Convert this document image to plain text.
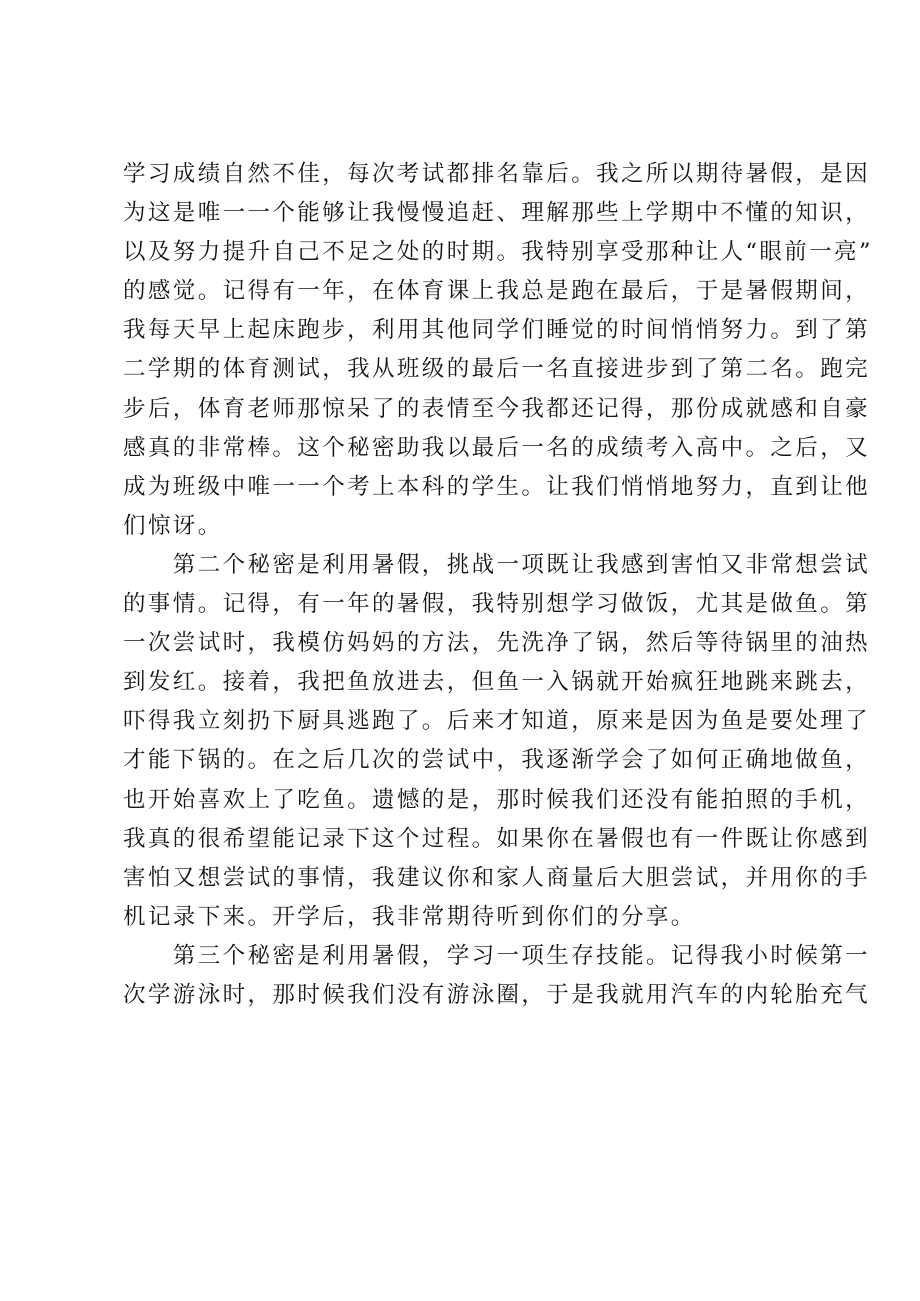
学习成绩自然不佳，每次考试都排名靠后。我之所以期待暑假，是因
为这是唯一一个能够让我慢慢追赶、理解那些上学期中不懂的知识，
以及努力提升自己不足之处的时期。我特别享受那种让人“眼前一亮”
的感觉。记得有一年，在体育课上我总是跑在最后，于是暑假期间，
我每天早上起床跑步，利用其他同学们睡觉的时间悄悄努力。到了第
二学期的体育测试，我从班级的最后一名直接进步到了第二名。跑完
步后，体育老师那惊呆了的表情至今我都还记得，那份成就感和自豪
感真的非常棒。这个秘密助我以最后一名的成绩考入高中。之后，又
成为班级中唯一一个考上本科的学生。让我们悄悄地努力，直到让他
们惊讶。
　　第二个秘密是利用暑假，挑战一项既让我感到害怕又非常想尝试
的事情。记得，有一年的暑假，我特别想学习做饭，尤其是做鱼。第
一次尝试时，我模仿妈妈的方法，先洗净了锅，然后等待锅里的油热
到发红。接着，我把鱼放进去，但鱼一入锅就开始疯狂地跳来跳去，
吓得我立刻扔下厨具逃跑了。后来才知道，原来是因为鱼是要处理了
才能下锅的。在之后几次的尝试中，我逐渐学会了如何正确地做鱼，
也开始喜欢上了吃鱼。遗憾的是，那时候我们还没有能拍照的手机，
我真的很希望能记录下这个过程。如果你在暑假也有一件既让你感到
害怕又想尝试的事情，我建议你和家人商量后大胆尝试，并用你的手
机记录下来。开学后，我非常期待听到你们的分享。
　　第三个秘密是利用暑假，学习一项生存技能。记得我小时候第一
次学游泳时，那时候我们没有游泳圈，于是我就用汽车的内轮胎充气
